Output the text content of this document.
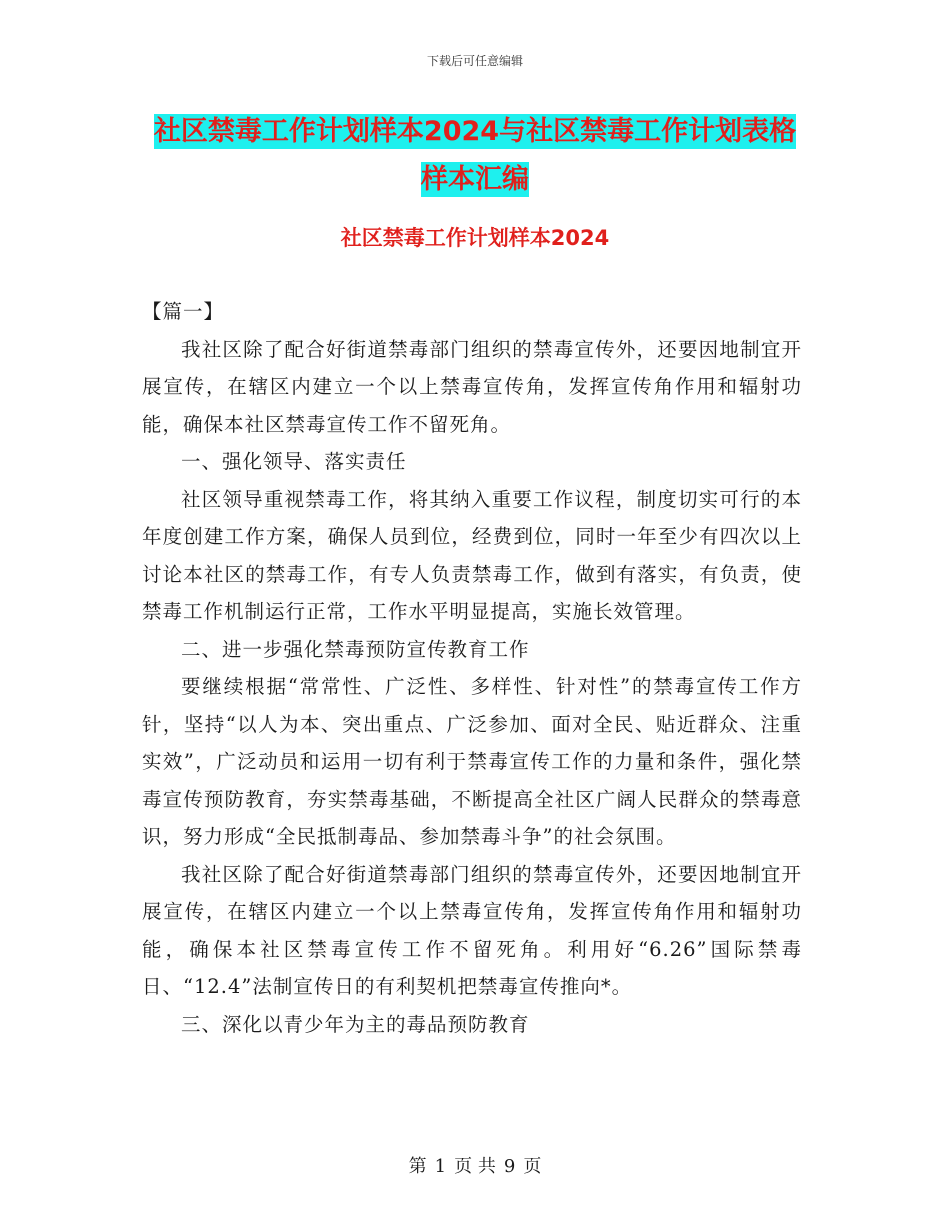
下载后可任意编辑
社区禁毒工作计划样本2024与社区禁毒工作计划表格
样本汇编
社区禁毒工作计划样本2024

【篇一】

我社区除了配合好街道禁毒部门组织的禁毒宣传外，还要因地制宜开展宣传，在辖区内建立一个以上禁毒宣传角，发挥宣传角作用和辐射功能，确保本社区禁毒宣传工作不留死角。

一、强化领导、落实责任

社区领导重视禁毒工作，将其纳入重要工作议程，制度切实可行的本年度创建工作方案，确保人员到位，经费到位，同时一年至少有四次以上讨论本社区的禁毒工作，有专人负责禁毒工作，做到有落实，有负责，使禁毒工作机制运行正常，工作水平明显提高，实施长效管理。

二、进一步强化禁毒预防宣传教育工作

要继续根据“常常性、广泛性、多样性、针对性”的禁毒宣传工作方针，坚持“以人为本、突出重点、广泛参加、面对全民、贴近群众、注重实效”，广泛动员和运用一切有利于禁毒宣传工作的力量和条件，强化禁毒宣传预防教育，夯实禁毒基础，不断提高全社区广阔人民群众的禁毒意识，努力形成“全民抵制毒品、参加禁毒斗争”的社会氛围。

我社区除了配合好街道禁毒部门组织的禁毒宣传外，还要因地制宜开展宣传，在辖区内建立一个以上禁毒宣传角，发挥宣传角作用和辐射功能，确保本社区禁毒宣传工作不留死角。利用好“6.26”国际禁毒日、“12.4”法制宣传日的有利契机把禁毒宣传推向*。

三、深化以青少年为主的毒品预防教育

第 1 页 共 9 页
